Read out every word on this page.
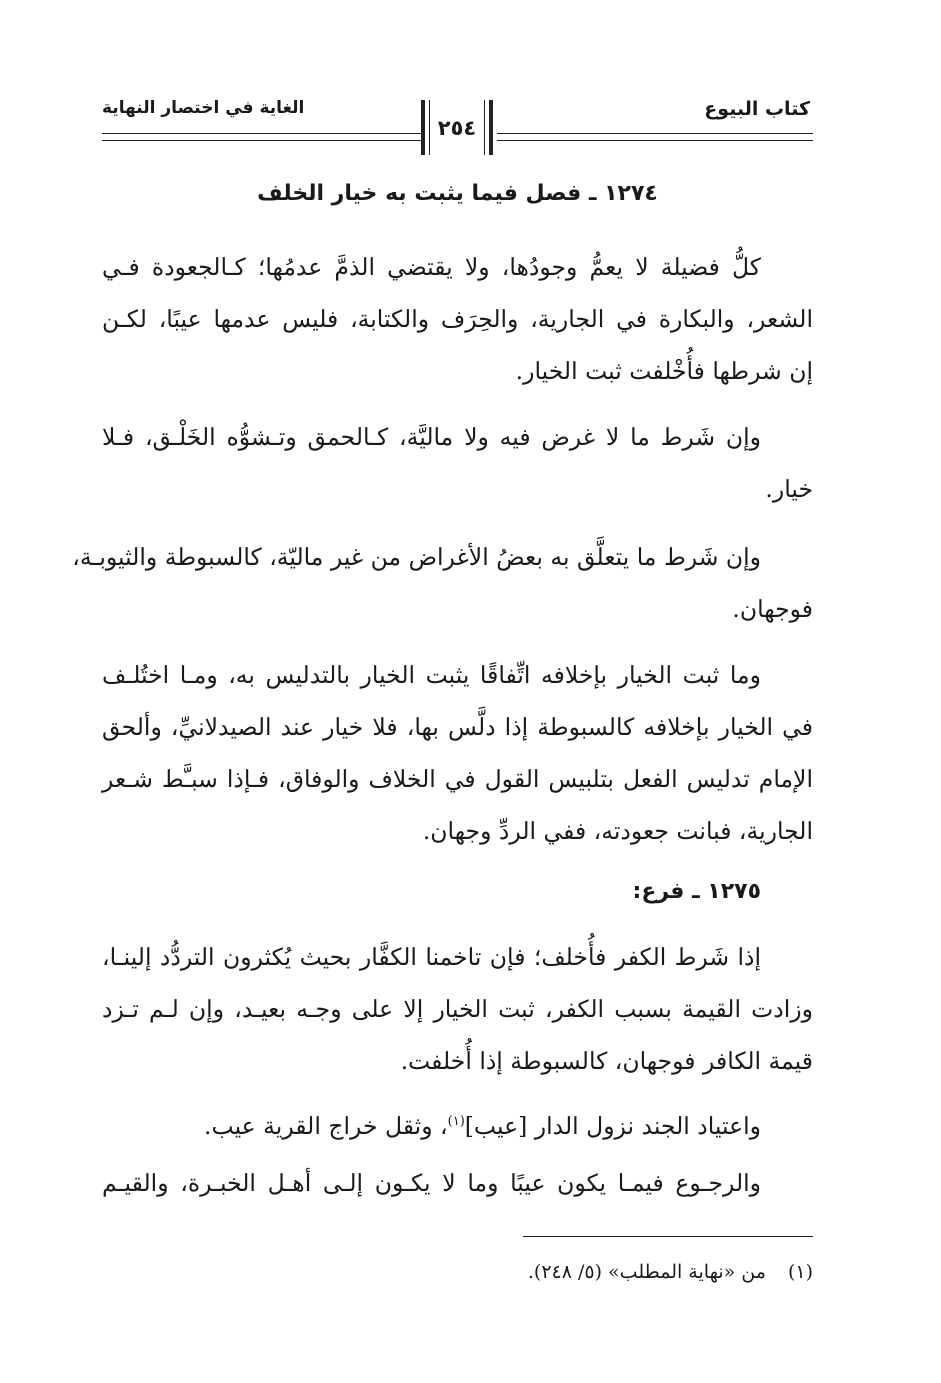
كتاب البيوع
الغاية في اختصار النهاية
٢٥٤
١٢٧٤ ـ فصل فيما يثبت به خيار الخلف
كلُّ فضيلة لا يعمُّ وجودُها، ولا يقتضي الذمَّ عدمُها؛ كـالجعودة فـي
الشعر، والبكارة في الجارية، والحِرَف والكتابة، فليس عدمها عيبًا، لكـن
إن شرطها فأُخْلفت ثبت الخيار.
وإن شَرط ما لا غرض فيه ولا ماليَّة، كـالحمق وتـشوُّه الخَلْـق، فـلا
خيار.
وإن شَرط ما يتعلَّق به بعضُ الأغراض من غير ماليّة، كالسبوطة والثيوبـة،
فوجهان.
وما ثبت الخيار بإخلافه اتِّفاقًا يثبت الخيار بالتدليس به، ومـا اختُلـف
في الخيار بإخلافه كالسبوطة إذا دلَّس بها، فلا خيار عند الصيدلانيِّ، وألحق
الإمام تدليس الفعل بتلبيس القول في الخلاف والوفاق، فـإذا سبـَّط شـعر
الجارية، فبانت جعودته، ففي الردِّ وجهان.
١٢٧٥ ـ فرع:
إذا شَرط الكفر فأُخلف؛ فإن تاخمنا الكفَّار بحيث يُكثرون التردُّد إلينـا،
وزادت القيمة بسبب الكفر، ثبت الخيار إلا على وجـه بعيـد، وإن لـم تـزد
قيمة الكافر فوجهان، كالسبوطة إذا أُخلفت.
واعتياد الجند نزول الدار [عيب]$^{(١)}$، وثقل خراج القرية عيب.
والرجـوع فيمـا يكون عيبًا وما لا يكـون إلـى أهـل الخبـرة، والقيـم
(١)من «نهاية المطلب» (٥/ ٢٤٨).
